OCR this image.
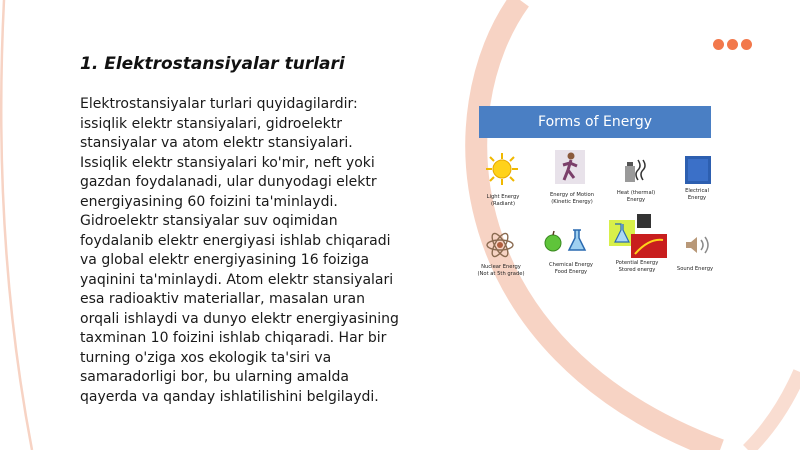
1. Elektrostansiyalar turlari
Elektrostansiyalar turlari quyidagilardir:
issiqlik elektr stansiyalari, gidroelektr
stansiyalar va atom elektr stansiyalari.
Issiqlik elektr stansiyalari ko'mir, neft yoki
gazdan foydalanadi, ular dunyodagi elektr
energiyasining 60 foizini ta'minlaydi.
Gidroelektr stansiyalar suv oqimidan
foydalanib elektr energiyasi ishlab chiqaradi
va global elektr energiyasining 16 foiziga
yaqinini ta'minlaydi. Atom elektr stansiyalari
esa radioaktiv materiallar, masalan uran
orqali ishlaydi va dunyo elektr energiyasining
taxminan 10 foizini ishlab chiqaradi. Har bir
turning o'ziga xos ekologik ta'siri va
samaradorligi bor, bu ularning amalda
qayerda va qanday ishlatilishini belgilaydi.
Forms of Energy
Light Energy
(Radiant)
Energy of Motion
(Kinetic Energy)
Heat (thermal)
Energy
Electrical
Energy
Nuclear Energy
(Not at 5th grade)
Chemical Energy
Food Energy
Potential Energy
Stored energy	Sound Energy
